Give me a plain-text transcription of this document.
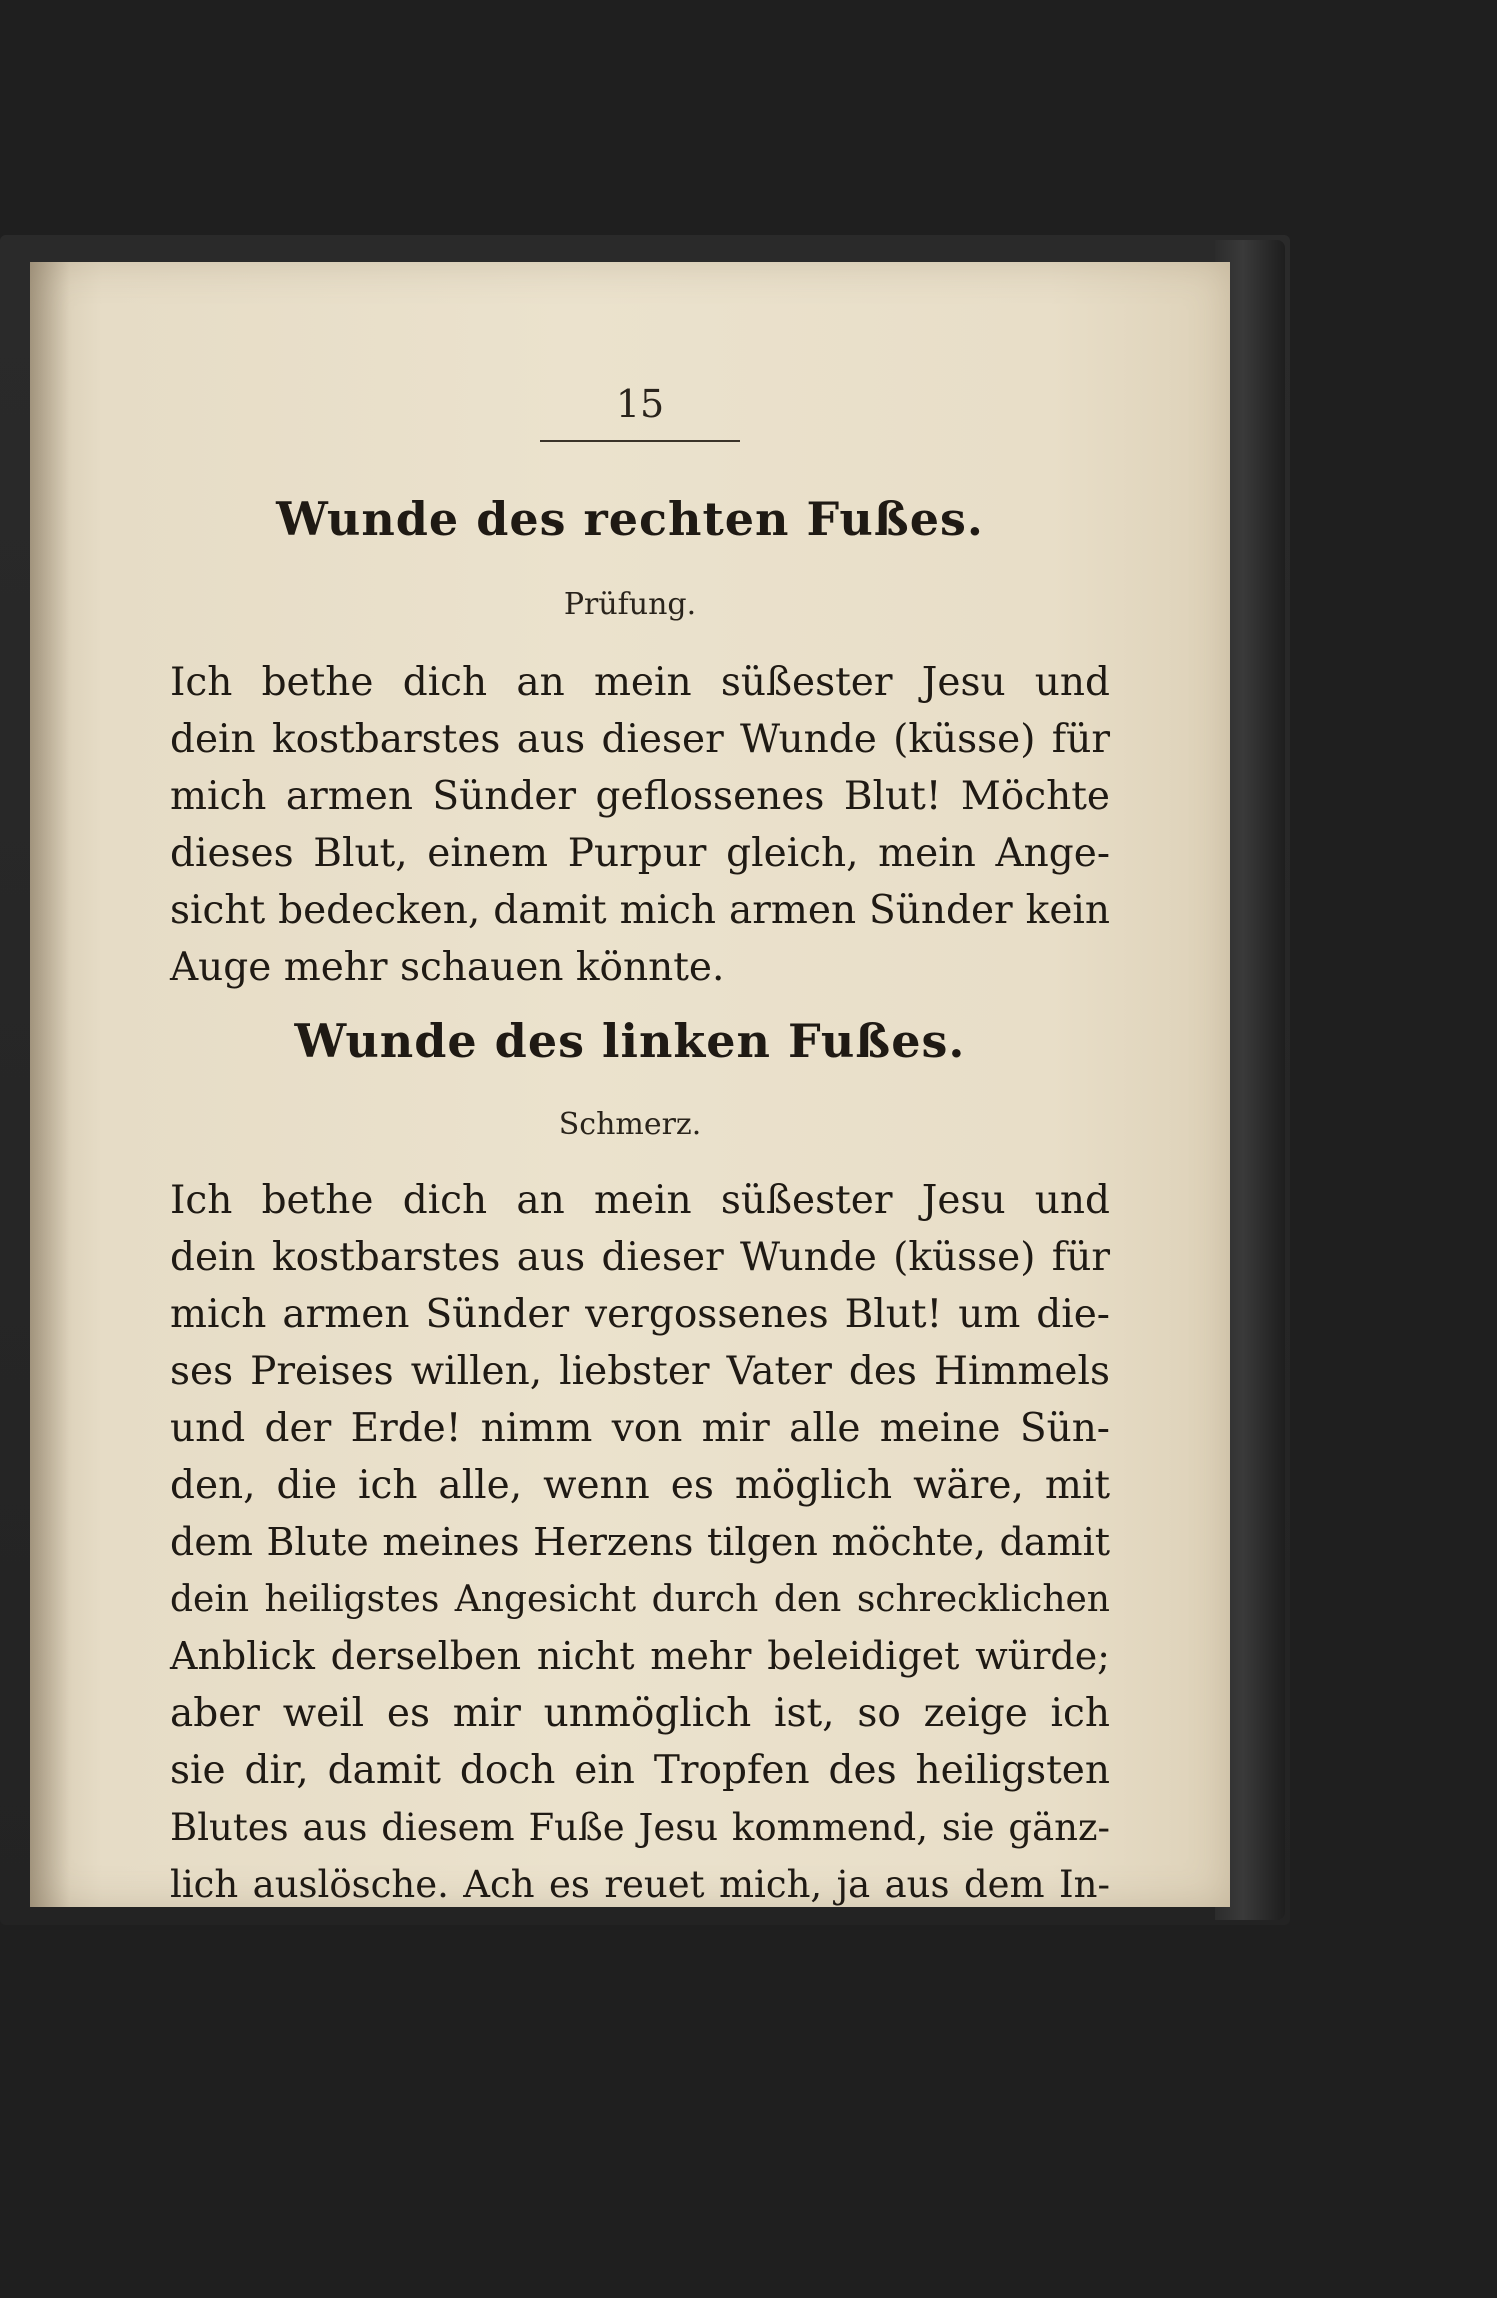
15
Wunde des rechten Fußes.
Prüfung.
Ich bethe dich an mein süßester Jesu und
dein kostbarstes aus dieser Wunde (küsse) für
mich armen Sünder geflossenes Blut! Möchte
dieses Blut, einem Purpur gleich, mein Ange-
sicht bedecken, damit mich armen Sünder kein
Auge mehr schauen könnte.
Wunde des linken Fußes.
Schmerz.
Ich bethe dich an mein süßester Jesu und
dein kostbarstes aus dieser Wunde (küsse) für
mich armen Sünder vergossenes Blut! um die-
ses Preises willen, liebster Vater des Himmels
und der Erde! nimm von mir alle meine Sün-
den, die ich alle, wenn es möglich wäre, mit
dem Blute meines Herzens tilgen möchte, damit
dein heiligstes Angesicht durch den schrecklichen
Anblick derselben nicht mehr beleidiget würde;
aber weil es mir unmöglich ist, so zeige ich
sie dir, damit doch ein Tropfen des heiligsten
Blutes aus diesem Fuße Jesu kommend, sie gänz-
lich auslösche. Ach es reuet mich, ja aus dem In-
